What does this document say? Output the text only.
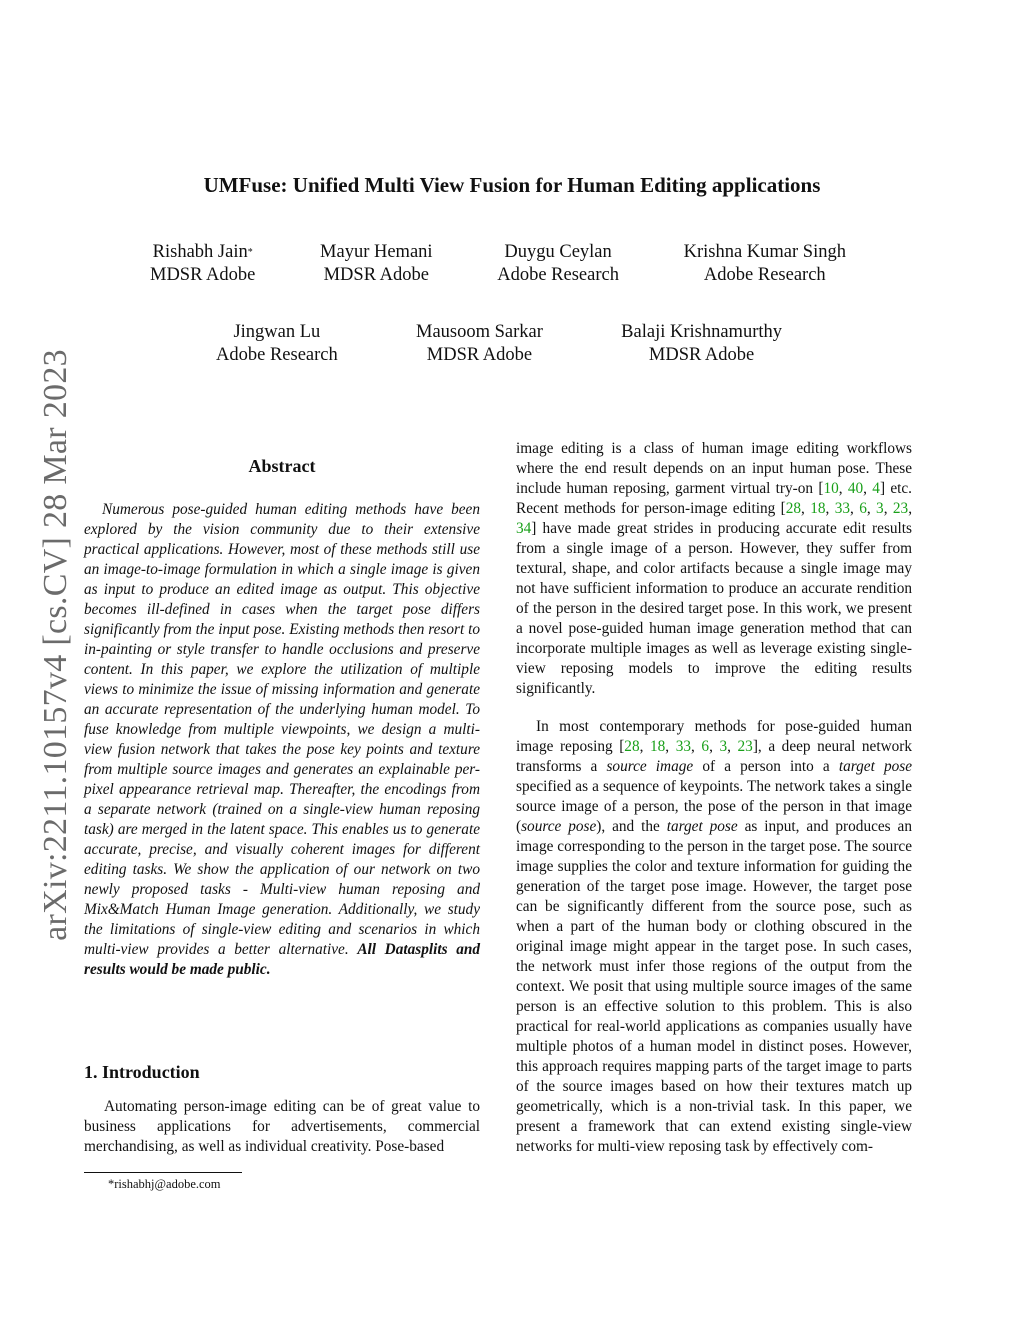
arXiv:2211.10157v4 [cs.CV] 28 Mar 2023
UMFuse: Unified Multi View Fusion for Human Editing applications
Rishabh Jain*
MDSR Adobe
Mayur Hemani
MDSR Adobe
Duygu Ceylan
Adobe Research
Krishna Kumar Singh
Adobe Research
Jingwan Lu
Adobe Research
Mausoom Sarkar
MDSR Adobe
Balaji Krishnamurthy
MDSR Adobe
Abstract

Numerous pose-guided human editing methods have been explored by the vision community due to their extensive practical applications. However, most of these methods still use an image-to-image formulation in which a single image is given as input to produce an edited image as output. This objective becomes ill-defined in cases when the target pose differs significantly from the input pose. Existing methods then resort to in-painting or style transfer to handle occlusions and preserve content. In this paper, we explore the utilization of multiple views to minimize the issue of missing information and generate an accurate representation of the underlying human model. To fuse knowledge from multiple viewpoints, we design a multi-view fusion network that takes the pose key points and texture from multiple source images and generates an explainable per-pixel appearance retrieval map. Thereafter, the encodings from a separate network (trained on a single-view human reposing task) are merged in the latent space. This enables us to generate accurate, precise, and visually coherent images for different editing tasks. We show the application of our network on two newly proposed tasks - Multi-view human reposing and Mix&Match Human Image generation. Additionally, we study the limitations of single-view editing and scenarios in which multi-view provides a better alternative. All Datasplits and results would be made public.

1. Introduction

Automating person-image editing can be of great value to business applications for advertisements, commercial merchandising, as well as individual creativity. Pose-based

*rishabhj@adobe.com

image editing is a class of human image editing workflows where the end result depends on an input human pose. These include human reposing, garment virtual try-on [10, 40, 4] etc. Recent methods for person-image editing [28, 18, 33, 6, 3, 23, 34] have made great strides in producing accurate edit results from a single image of a person. However, they suffer from textural, shape, and color artifacts because a single image may not have sufficient information to produce an accurate rendition of the person in the desired target pose. In this work, we present a novel pose-guided human image generation method that can incorporate multiple images as well as leverage existing single-view reposing models to improve the editing results significantly.

In most contemporary methods for pose-guided human image reposing [28, 18, 33, 6, 3, 23], a deep neural network transforms a source image of a person into a target pose specified as a sequence of keypoints. The network takes a single source image of a person, the pose of the person in that image (source pose), and the target pose as input, and produces an image corresponding to the person in the target pose. The source image supplies the color and texture information for guiding the generation of the target pose image. However, the target pose can be significantly different from the source pose, such as when a part of the human body or clothing obscured in the original image might appear in the target pose. In such cases, the network must infer those regions of the output from the context. We posit that using multiple source images of the same person is an effective solution to this problem. This is also practical for real-world applications as companies usually have multiple photos of a human model in distinct poses. However, this approach requires mapping parts of the target image to parts of the source images based on how their textures match up geometrically, which is a non-trivial task. In this paper, we present a framework that can extend existing single-view networks for multi-view reposing task by effectively com-
